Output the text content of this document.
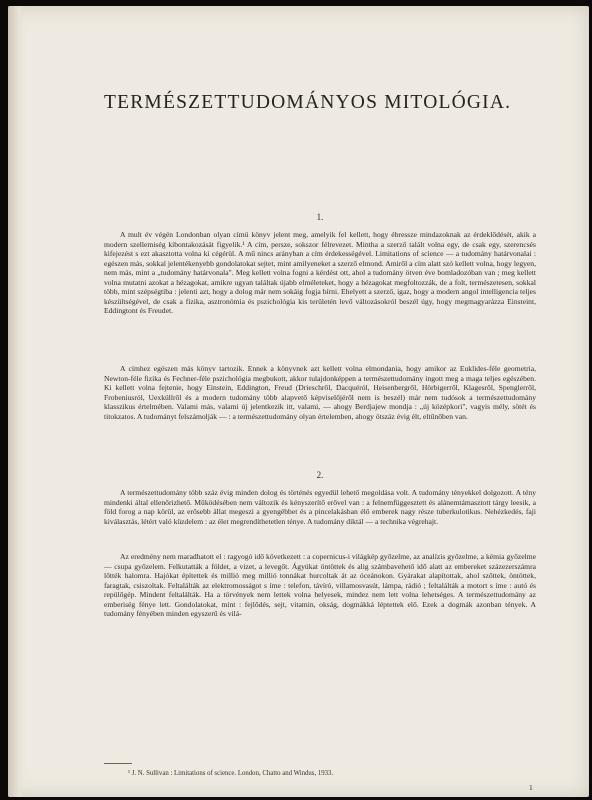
TERMÉSZETTUDOMÁNYOS MITOLÓGIA.
1.

A mult év végén Londonban olyan címü könyv jelent meg, amelyik fel kellett, hogy ébressze mindazoknak az érdeklődését, akik a modern szellemiség kibontakozását figyelik.¹ A cím, persze, sokszor félrevezet. Mintha a szerző talált volna egy, de csak egy, szerencsés kifejezést s ezt akasztotta volna ki cégérül. A mű nincs arányban a cím érdekességével. Limitations of science — a tudomány határvonalai : egészen más, sokkal jelentékenyebb gondolatokat sejtet, mint amilyeneket a szerző elmond. Amiről a cím alatt szó kellett volna, hogy legyen, nem más, mint a „tudomány határvonala". Meg kellett volna fogni a kérdést ott, ahol a tudomány ötven éve bomladozóban van ; meg kellett volna mutatni azokat a hézagokat, amikre ugyan találtak újabb elméleteket, hogy a hézagokat megfoltozzák, de a folt, természetesen, sokkal több, mint szépségtiba : jelenti azt, hogy a dolog már nem sokáig fogja bírni. Ehelyett a szerző, igaz, hogy a modern angol intelligencia teljes készültségével, de csak a fizika, asztronómia és pszichológia kis területén levő változásokról beszél úgy, hogy megmagyarázza Einsteint, Eddingtont és Freudet.

A címhez egészen más könyv tartozik. Ennek a könyvnek azt kellett volna elmondania, hogy amikor az Euklides-féle geometria, Newton-féle fizika és Fechner-féle pszichológia megbukott, akkor tulajdonképpen a természettudomány ingott meg a maga teljes egészében. Ki kellett volna fejtenie, hogy Einstein, Eddington, Freud (Drieschről, Dacquéról, Heisenbergről, Hörbigerről, Klagesről, Spenglerről, Frobeniusról, Uexküllről és a modern tudomány több alapvető képviselőjéről nem is beszél) már nem tudósok a természettudomány klasszikus értelmében. Valami más, valami új jelentkezik itt, valami, — ahogy Berdjajew mondja : „új középkori", vagyis mély, sötét és titokzatos. A tudományt felszámolják — : a természettudomány olyan értelemben, ahogy ötszáz évig élt, eltűnőben van.

2.

A természettudomány több száz évig minden dolog és történés egyedül lehető megoldása volt. A tudomány tényekkel dolgozott. A tény mindenki által ellenőrizhető. Működésében nem változik és kényszerítő erővel van : a felnemfüggesztett és alánemtámasztott tárgy leesik, a föld forog a nap körül, az erősebb állat megeszi a gyengébbet és a pincelakásban élő emberek nagy része tuberkulotikus. Nehézkedés, faji kiválasztás, létért való küzdelem : az élet megrendíthetetlen ténye. A tudomány diktál — a technika végrehajt.

Az eredmény nem maradhatott el : ragyogó idő következett : a copernicus-i világkép győzelme, az analízis győzelme, a kémia győzelme — csupa győzelem. Felkutatták a földet, a vizet, a levegőt. Ágyúkat öntöttek és alig számbavehető idő alatt az embereket százezerszámra lőtték halomra. Hajókat építettek és millió meg millió tonnákat hurcoltak át az óceánokon. Gyárakat alapítottak, ahol szőttek, öntöttek, faragtak, csiszoltak. Feltalálták az elektromosságot s íme : telefon, távíró, villamosvasút, lámpa, rádió ; feltalálták a motort s íme : autó és repülőgép. Mindent feltalálták. Ha a törvények nem lettek volna helyesek, mindez nem lett volna lehetséges. A természettudomány az emberiség fénye lett. Gondolatokat, mint : fejlődés, sejt, vitamin, okság, dogmákká léptettek elő. Ezek a dogmák azonban tények. A tudomány fényében minden egyszerű és vilá-

¹ J. N. Sullivan : Limitations of science. London, Chatto and Windus, 1933.
1
